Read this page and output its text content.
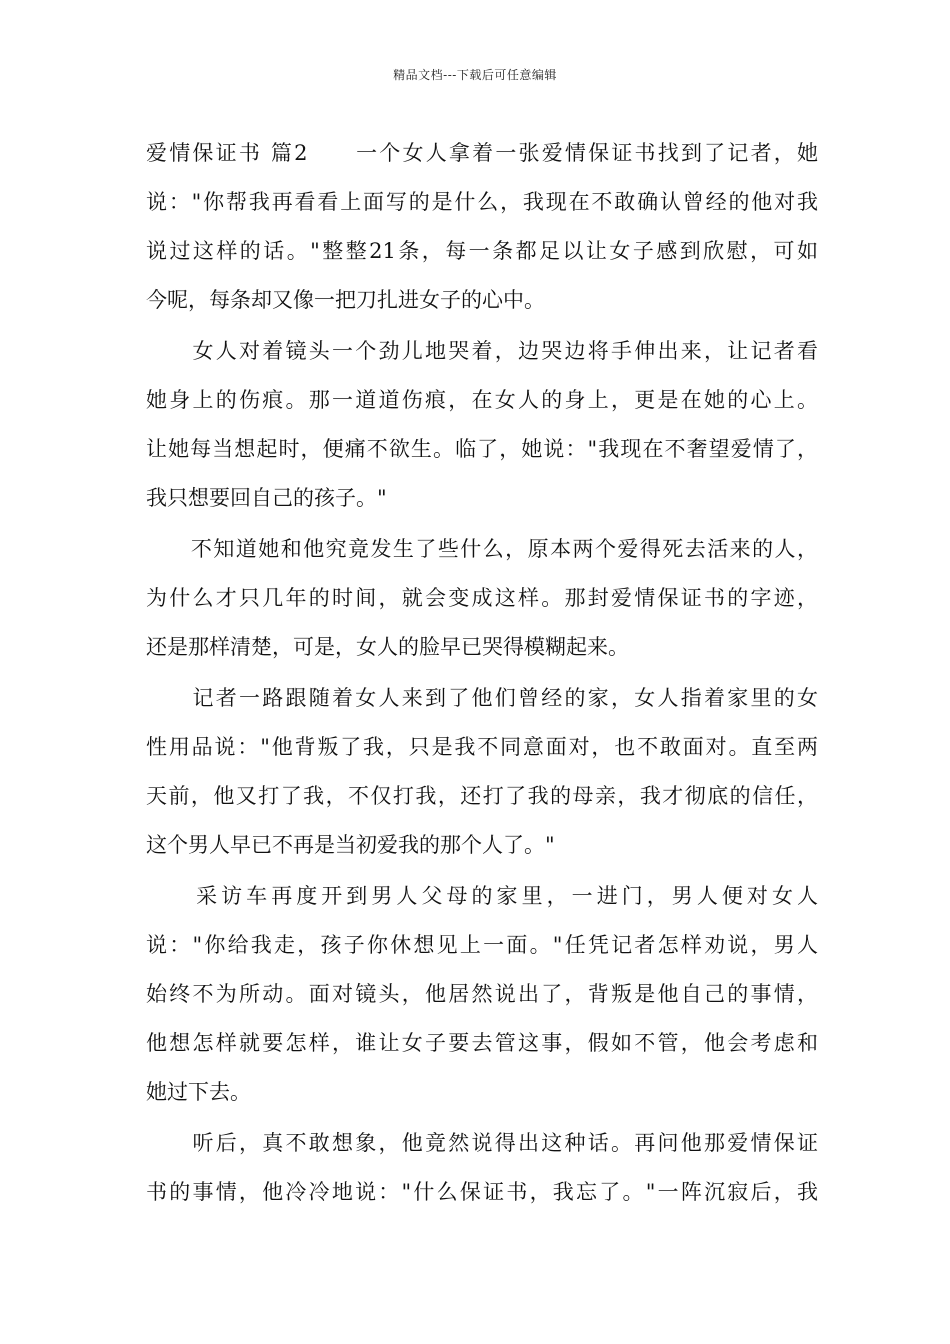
精品文档---下载后可任意编辑
爱情保证书 篇2　　一个女人拿着一张爱情保证书找到了记者，她
说："你帮我再看看上面写的是什么，我现在不敢确认曾经的他对我
说过这样的话。"整整21条，每一条都足以让女子感到欣慰，可如
今呢，每条却又像一把刀扎进女子的心中。
　　女人对着镜头一个劲儿地哭着，边哭边将手伸出来，让记者看
她身上的伤痕。那一道道伤痕，在女人的身上，更是在她的心上。
让她每当想起时，便痛不欲生。临了，她说："我现在不奢望爱情了，
我只想要回自己的孩子。"
　　不知道她和他究竟发生了些什么，原本两个爱得死去活来的人，
为什么才只几年的时间，就会变成这样。那封爱情保证书的字迹，
还是那样清楚，可是，女人的脸早已哭得模糊起来。
　　记者一路跟随着女人来到了他们曾经的家，女人指着家里的女
性用品说："他背叛了我，只是我不同意面对，也不敢面对。直至两
天前，他又打了我，不仅打我，还打了我的母亲，我才彻底的信任，
这个男人早已不再是当初爱我的那个人了。"
　　采访车再度开到男人父母的家里，一进门，男人便对女人
说："你给我走，孩子你休想见上一面。"任凭记者怎样劝说，男人
始终不为所动。面对镜头，他居然说出了，背叛是他自己的事情，
他想怎样就要怎样，谁让女子要去管这事，假如不管，他会考虑和
她过下去。
　　听后，真不敢想象，他竟然说得出这种话。再问他那爱情保证
书的事情，他冷冷地说："什么保证书，我忘了。"一阵沉寂后，我
